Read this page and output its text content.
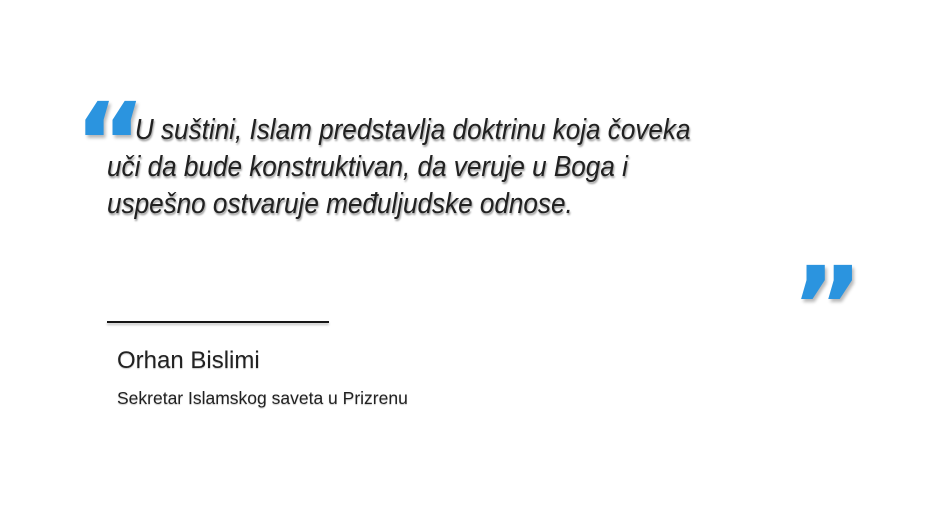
“
U suštini, Islam predstavlja doktrinu koja čoveka
uči da bude konstruktivan, da veruje u Boga i
uspešno ostvaruje međuljudske odnose.
”
Orhan Bislimi
Sekretar Islamskog saveta u Prizrenu
